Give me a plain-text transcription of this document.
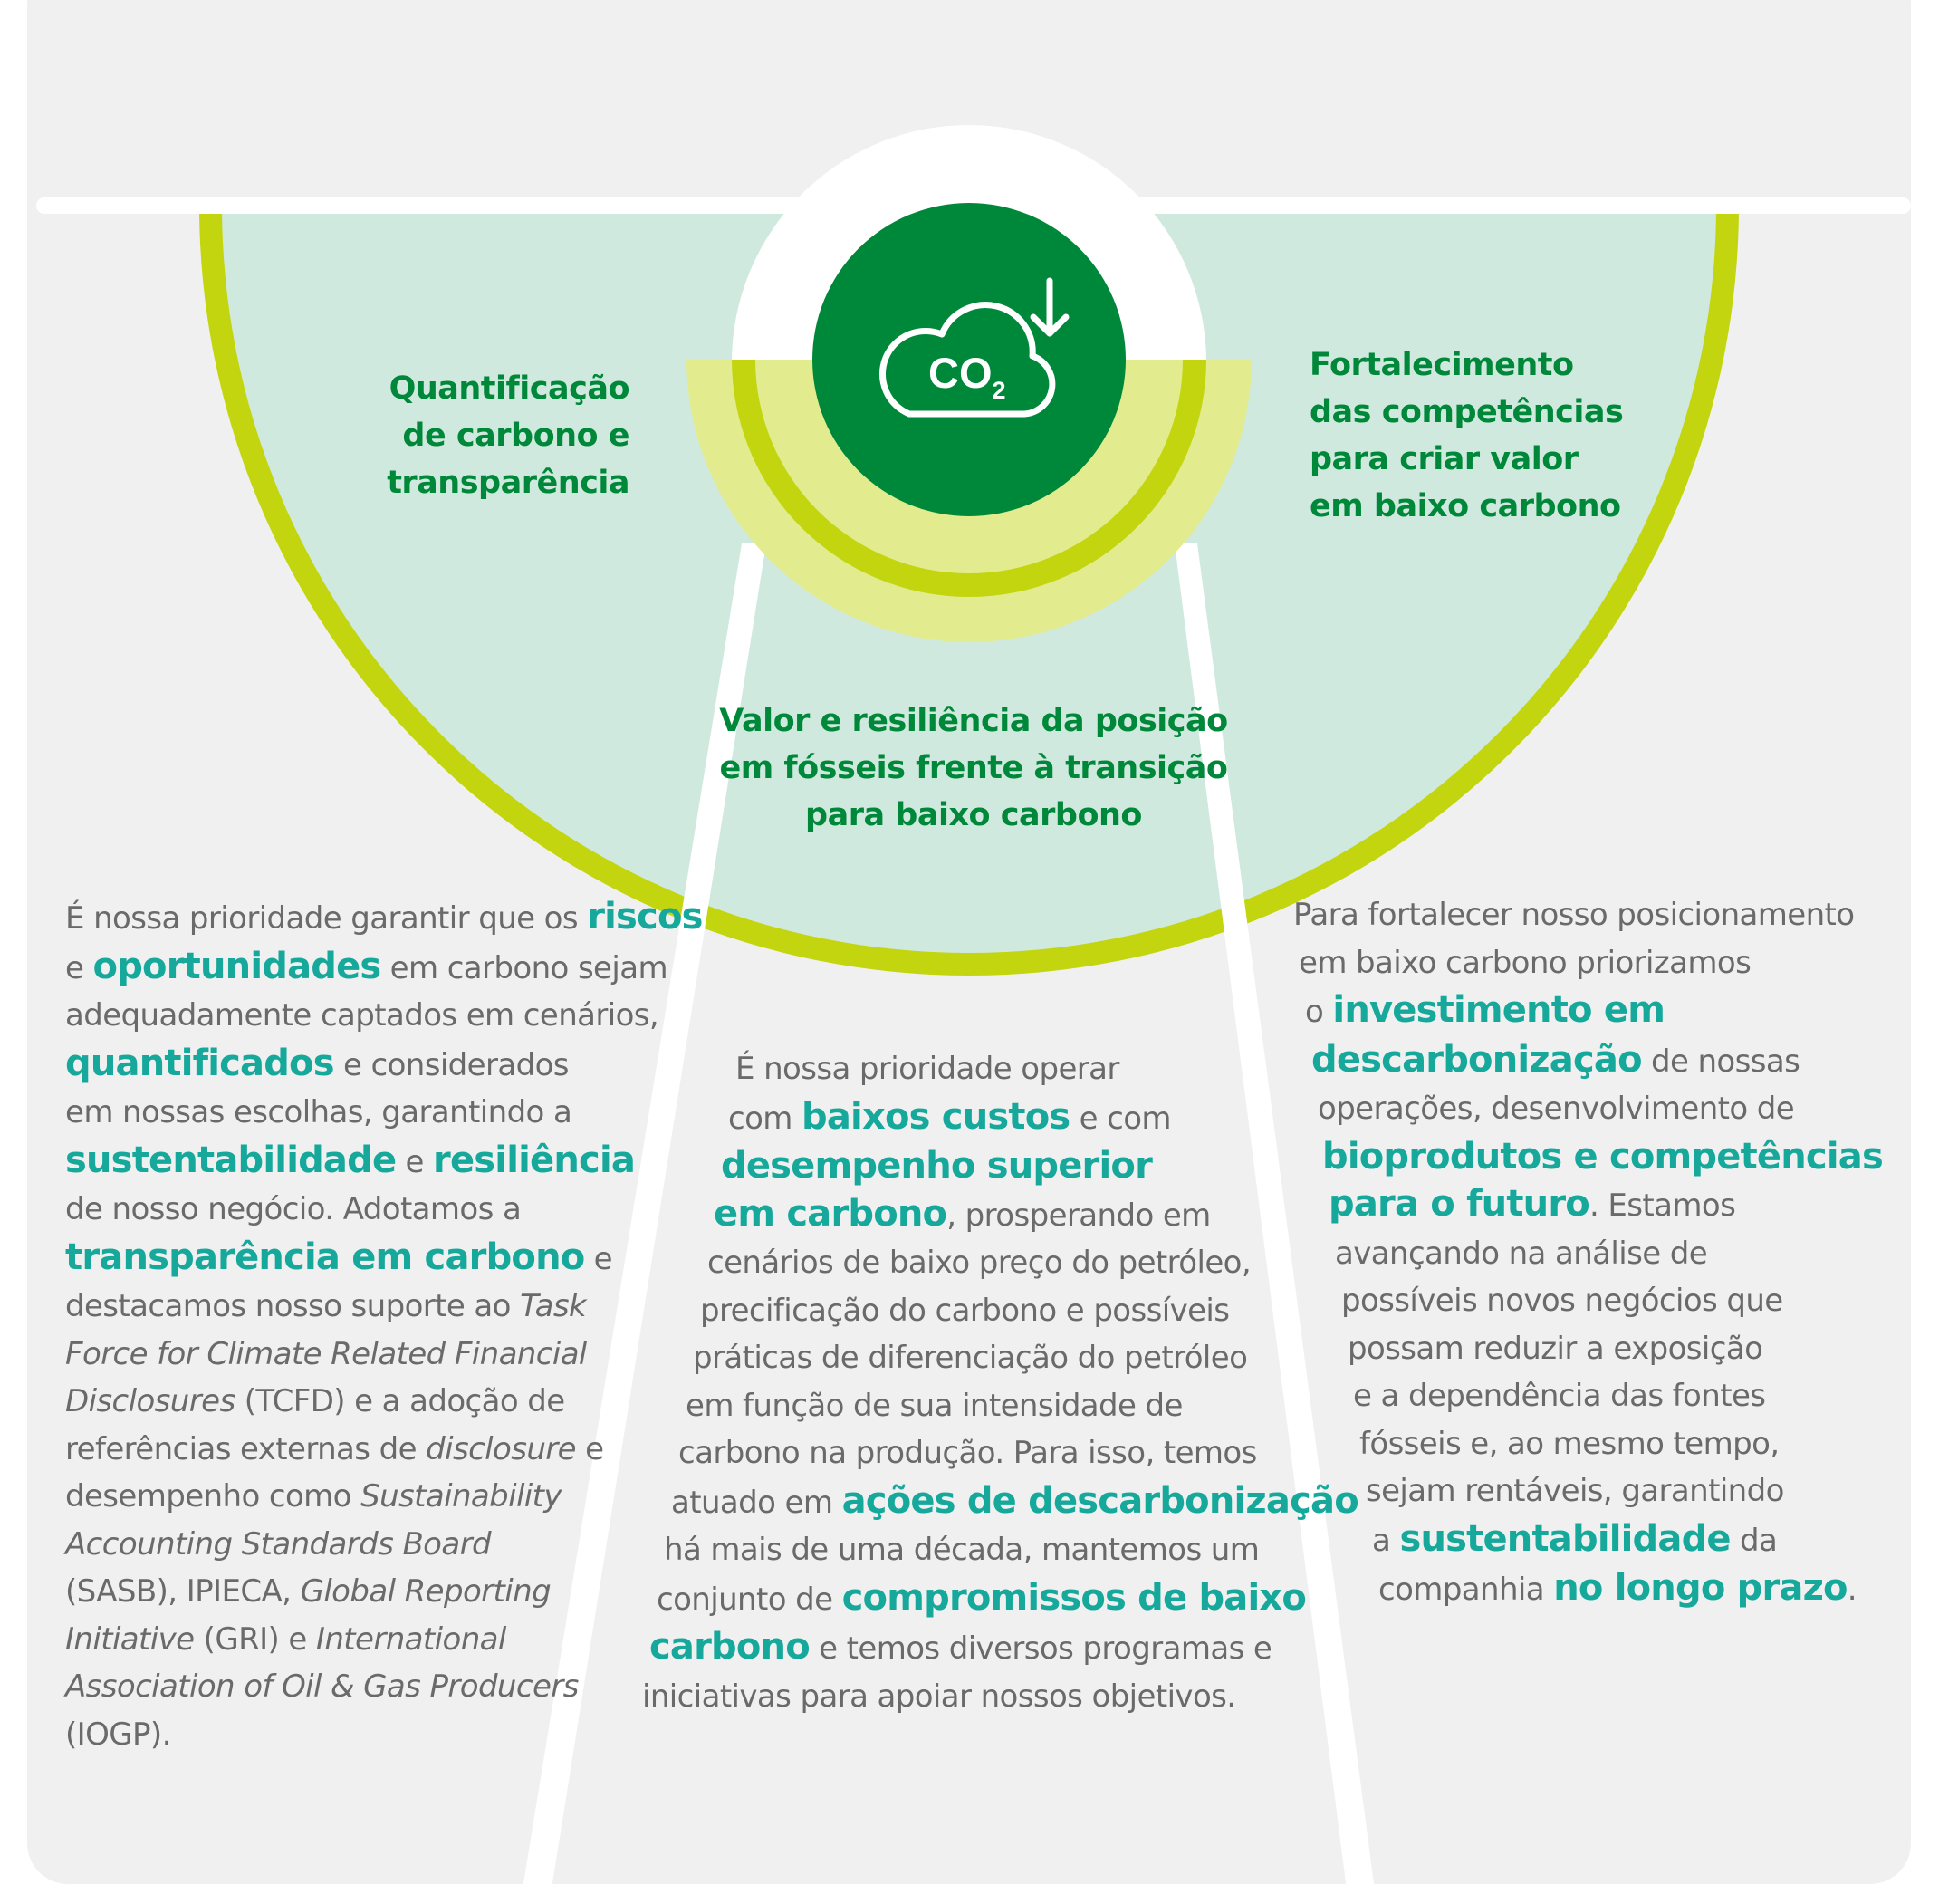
$CO_2$
Quantificação
de carbono e
transparência
Fortalecimento
das competências
para criar valor
em baixo carbono
Valor e resiliência da posição
em fósseis frente à transição
para baixo carbono
É nossa prioridade garantir que os riscos
e oportunidades em carbono sejam
adequadamente captados em cenários,
quantificados e considerados
em nossas escolhas, garantindo a
sustentabilidade e resiliência
de nosso negócio. Adotamos a
transparência em carbono e
destacamos nosso suporte ao Task
Force for Climate Related Financial
Disclosures (TCFD) e a adoção de
referências externas de disclosure e
desempenho como Sustainability
Accounting Standards Board
(SASB), IPIECA, Global Reporting
Initiative (GRI) e International
Association of Oil & Gas Producers
(IOGP).
É nossa prioridade operar
com baixos custos e com
desempenho superior
em carbono, prosperando em
cenários de baixo preço do petróleo,
precificação do carbono e possíveis
práticas de diferenciação do petróleo
em função de sua intensidade de
carbono na produção. Para isso, temos
atuado em ações de descarbonização
há mais de uma década, mantemos um
conjunto de compromissos de baixo
carbono e temos diversos programas e
iniciativas para apoiar nossos objetivos.
Para fortalecer nosso posicionamento
em baixo carbono priorizamos
o investimento em
descarbonização de nossas
operações, desenvolvimento de
bioprodutos e competências
para o futuro. Estamos
avançando na análise de
possíveis novos negócios que
possam reduzir a exposição
e a dependência das fontes
fósseis e, ao mesmo tempo,
sejam rentáveis, garantindo
a sustentabilidade da
companhia no longo prazo.
